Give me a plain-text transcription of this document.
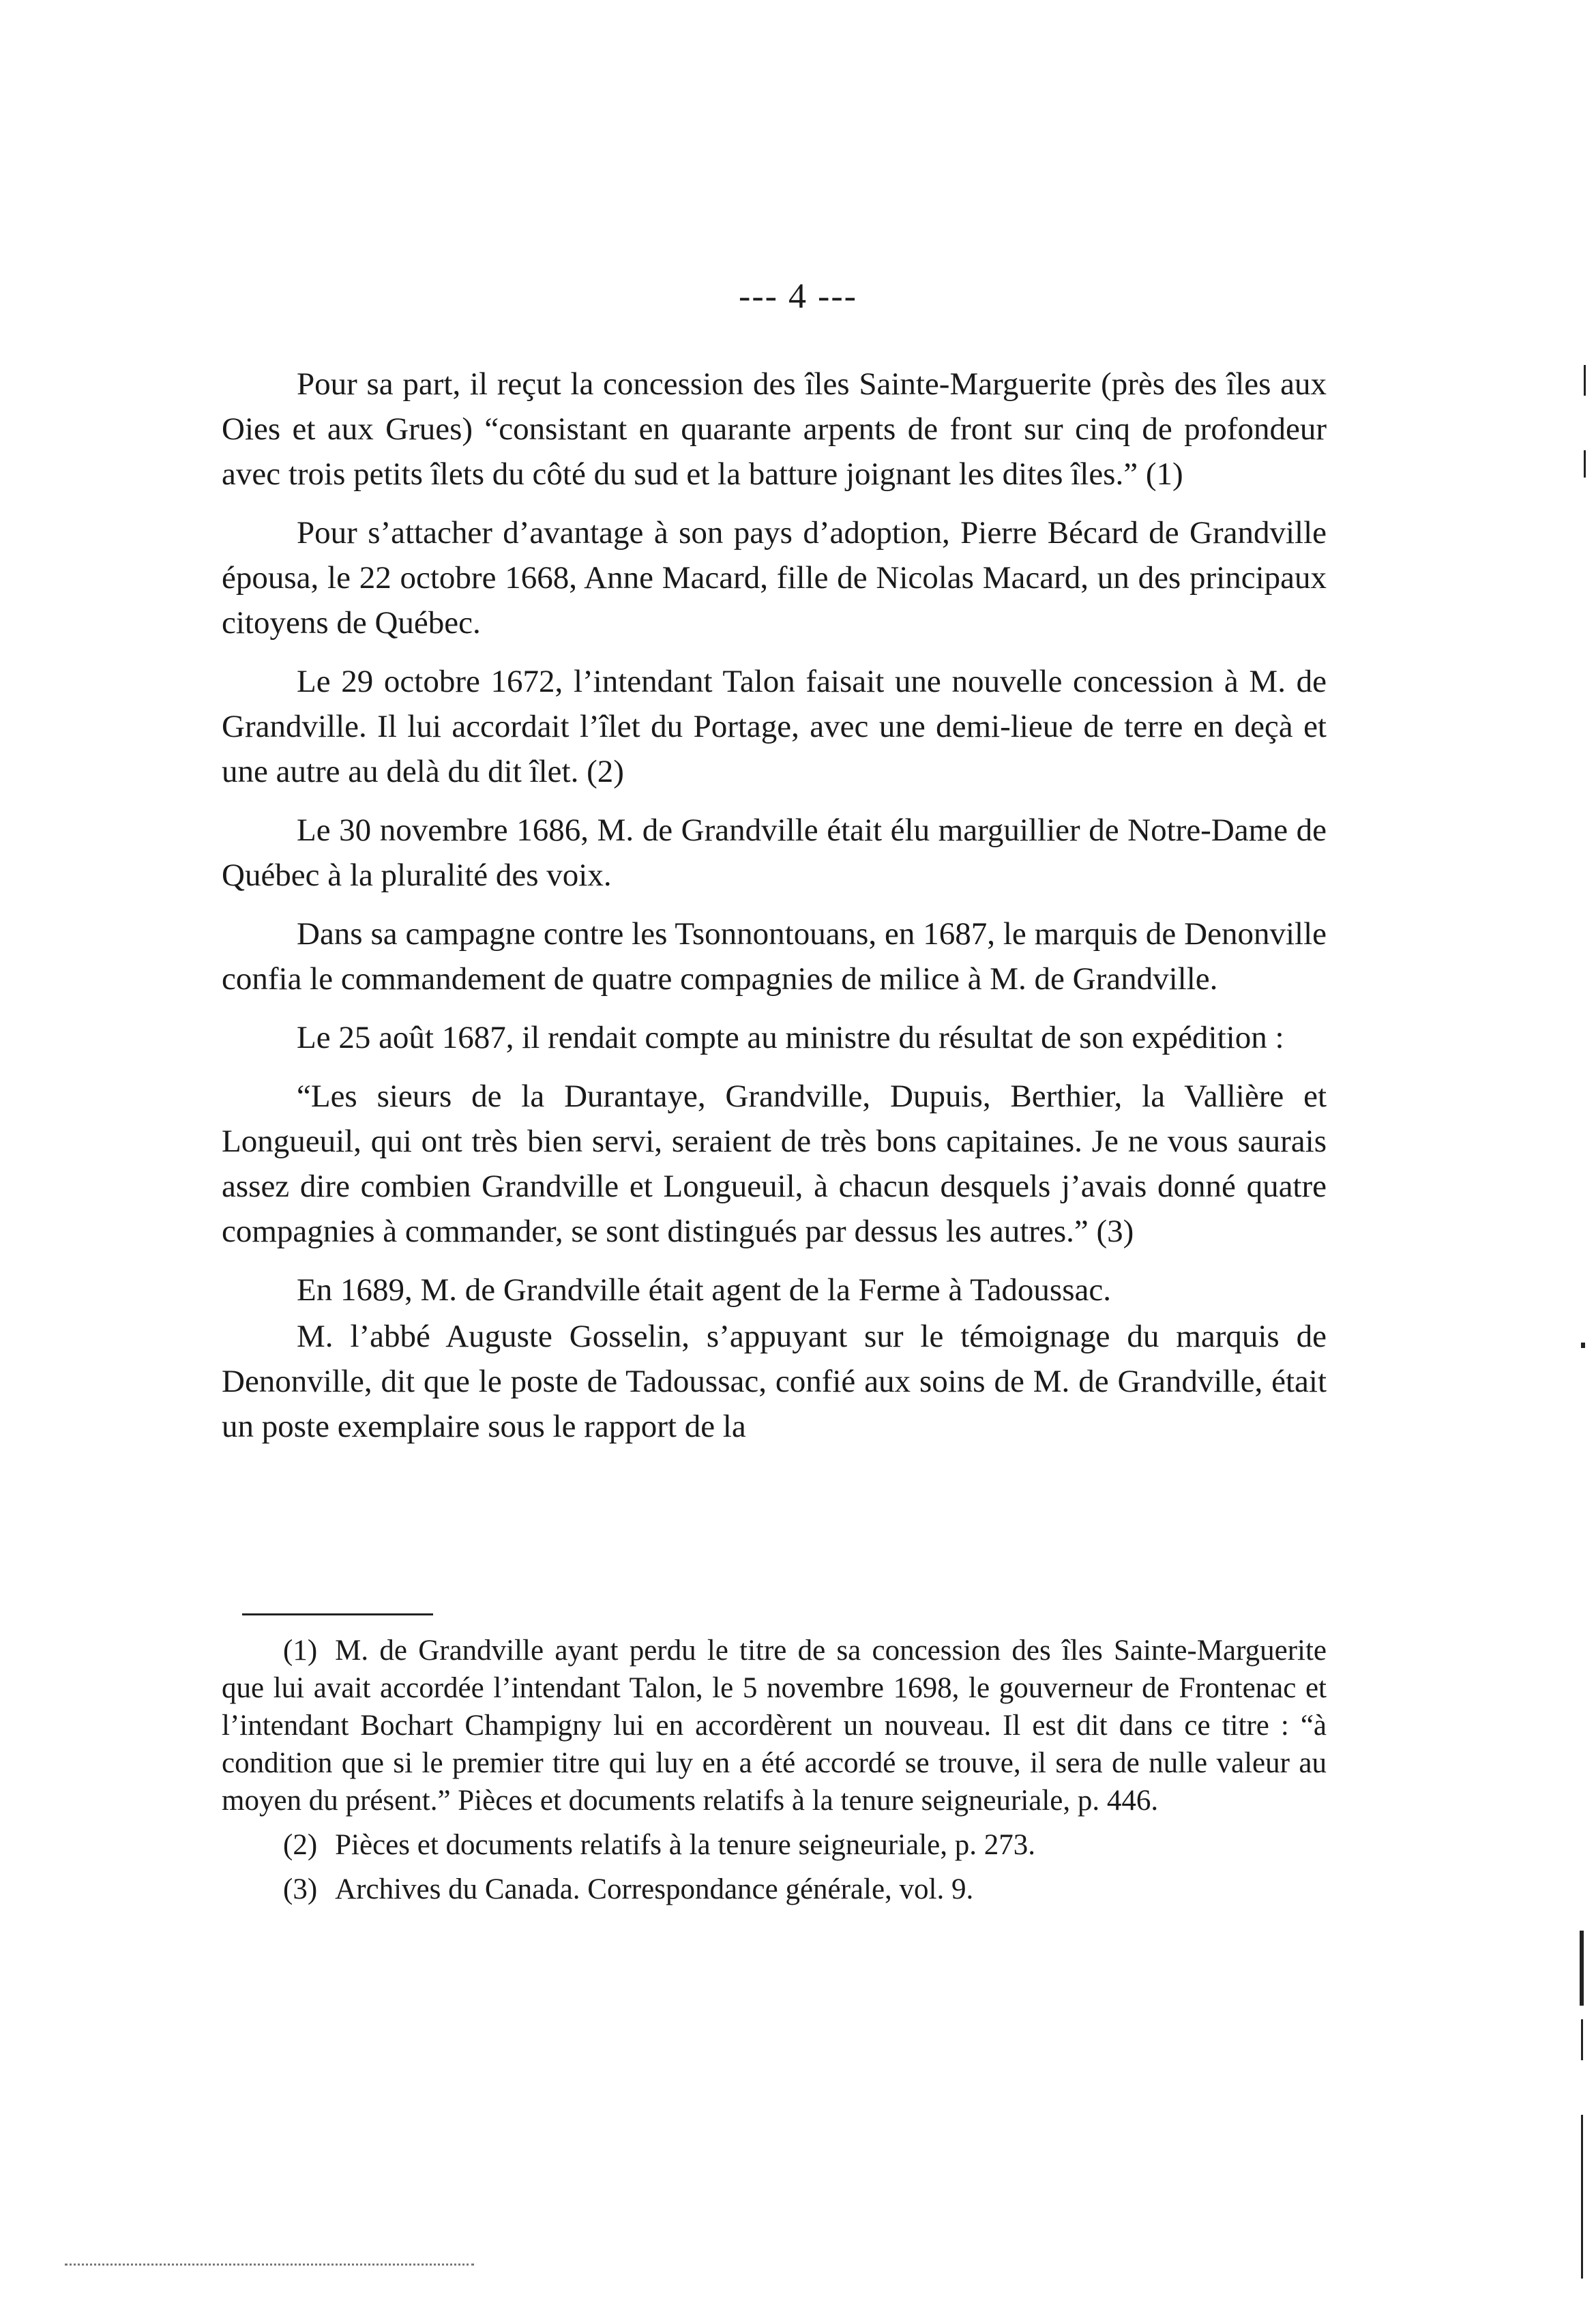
--- 4 ---

Pour sa part, il reçut la concession des îles Sainte-Marguerite (près des îles aux Oies et aux Grues) “consistant en quarante arpents de front sur cinq de profondeur avec trois petits îlets du côté du sud et la batture joignant les dites îles.” (1)

Pour s’attacher d’avantage à son pays d’adoption, Pierre Bécard de Grandville épousa, le 22 octobre 1668, Anne Macard, fille de Nicolas Macard, un des principaux citoyens de Québec.

Le 29 octobre 1672, l’intendant Talon faisait une nouvelle concession à M. de Grandville. Il lui accordait l’îlet du Portage, avec une demi-lieue de terre en deçà et une autre au delà du dit îlet. (2)

Le 30 novembre 1686, M. de Grandville était élu marguillier de Notre-Dame de Québec à la pluralité des voix.

Dans sa campagne contre les Tsonnontouans, en 1687, le marquis de Denonville confia le commandement de quatre compagnies de milice à M. de Grandville.

Le 25 août 1687, il rendait compte au ministre du résultat de son expédition :

“Les sieurs de la Durantaye, Grandville, Dupuis, Berthier, la Vallière et Longueuil, qui ont très bien servi, seraient de très bons capitaines. Je ne vous saurais assez dire combien Grandville et Longueuil, à chacun desquels j’avais donné quatre compagnies à commander, se sont distingués par dessus les autres.” (3)

En 1689, M. de Grandville était agent de la Ferme à Tadoussac.

M. l’abbé Auguste Gosselin, s’appuyant sur le témoignage du marquis de Denonville, dit que le poste de Tadoussac, confié aux soins de M. de Grandville, était un poste exemplaire sous le rapport de la

(1) M. de Grandville ayant perdu le titre de sa concession des îles Sainte-Marguerite que lui avait accordée l’intendant Talon, le 5 novembre 1698, le gouverneur de Frontenac et l’intendant Bochart Champigny lui en accordèrent un nouveau. Il est dit dans ce titre : “à condition que si le premier titre qui luy en a été accordé se trouve, il sera de nulle valeur au moyen du présent.” Pièces et documents relatifs à la tenure seigneuriale, p. 446.

(2) Pièces et documents relatifs à la tenure seigneuriale, p. 273.

(3) Archives du Canada. Correspondance générale, vol. 9.
